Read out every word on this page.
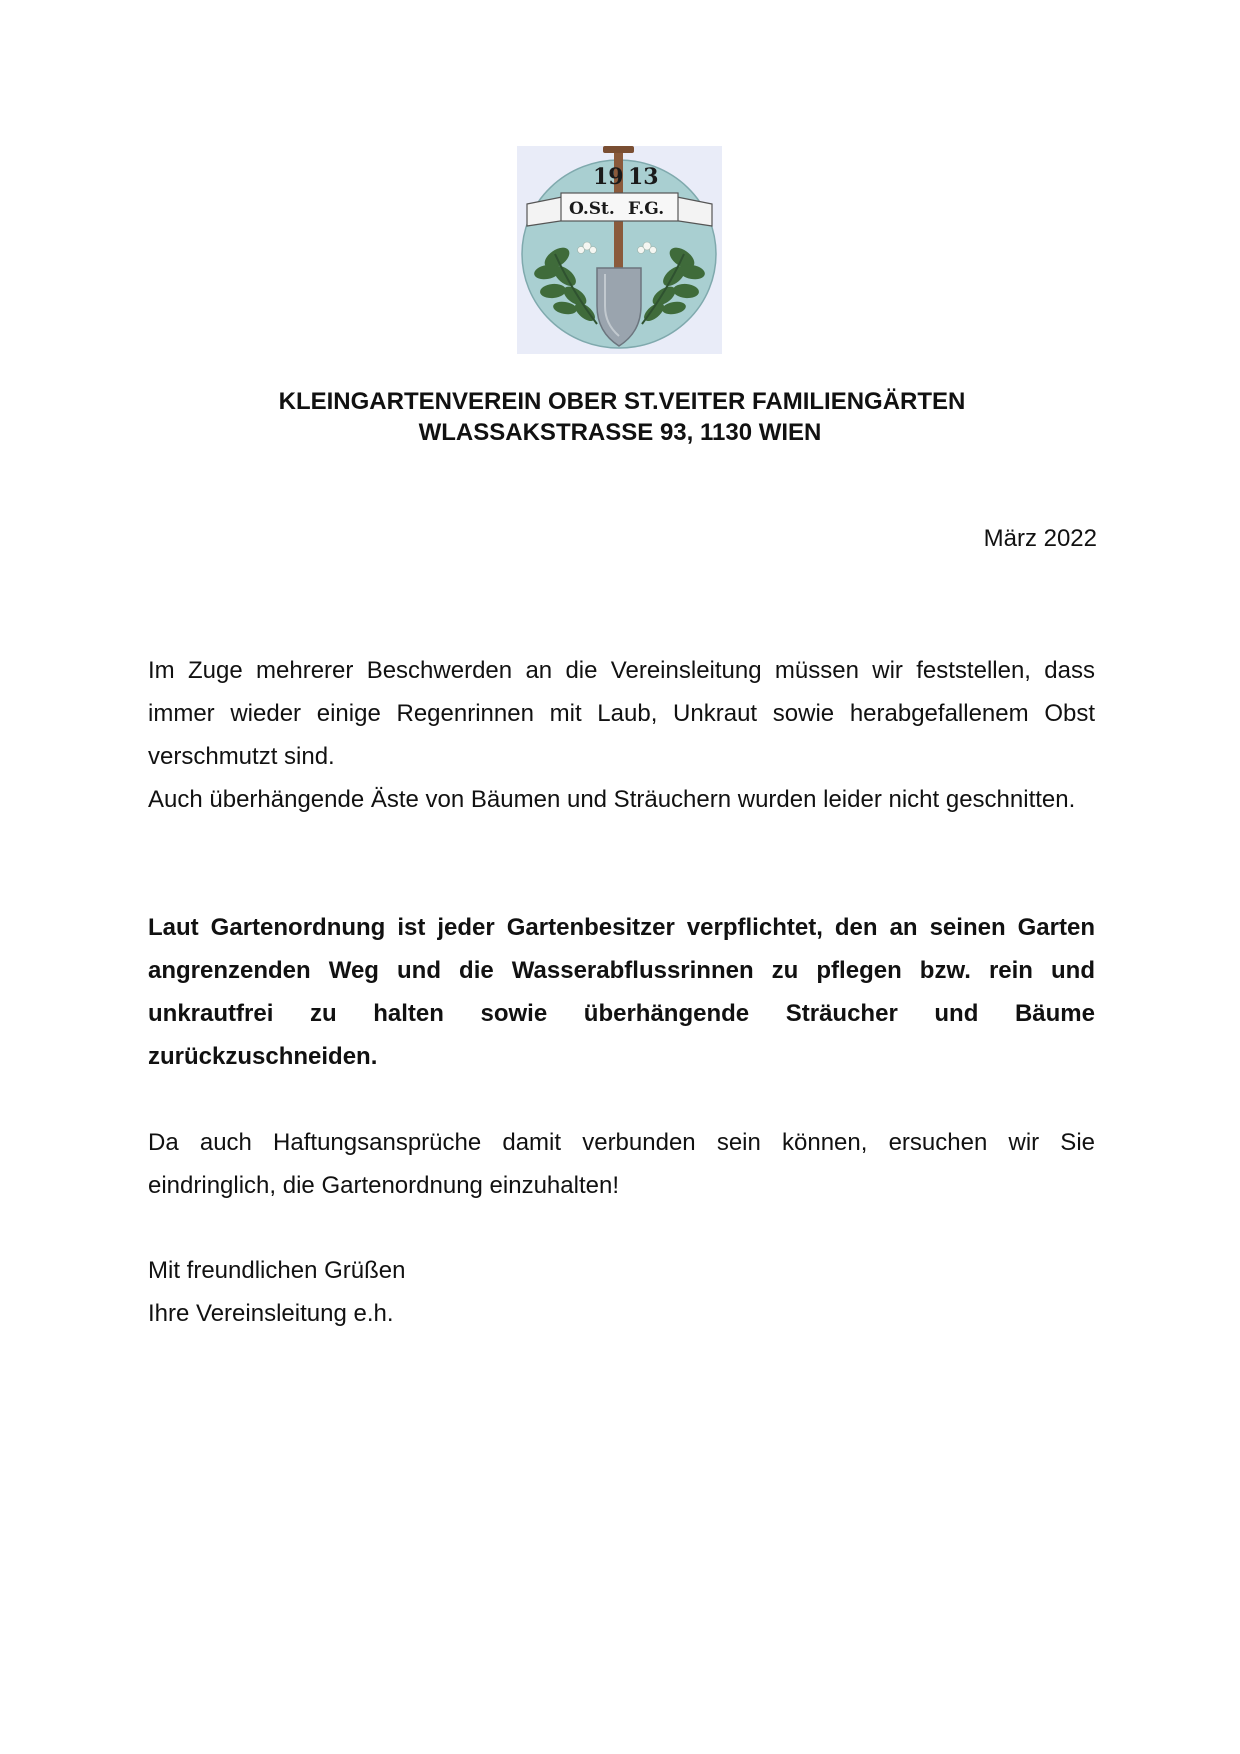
19 13
O.St. F.G.
KLEINGARTENVEREIN OBER ST.VEITER FAMILIENGÄRTEN
WLASSAKSTRASSE 93, 1130 WIEN
März 2022
Im Zuge mehrerer Beschwerden an die Vereinsleitung müssen wir feststellen, dass immer wieder einige Regenrinnen mit Laub, Unkraut sowie herabgefallenem Obst verschmutzt sind.
Auch überhängende Äste von Bäumen und Sträuchern wurden leider nicht geschnitten.
Laut Gartenordnung ist jeder Gartenbesitzer verpflichtet, den an seinen Garten angrenzenden Weg und die Wasserabflussrinnen zu pflegen bzw. rein und unkrautfrei zu halten sowie überhängende Sträucher und Bäume zurückzuschneiden.
Da auch Haftungsansprüche damit verbunden sein können, ersuchen wir Sie eindringlich, die Gartenordnung einzuhalten!
Mit freundlichen Grüßen
Ihre Vereinsleitung e.h.
